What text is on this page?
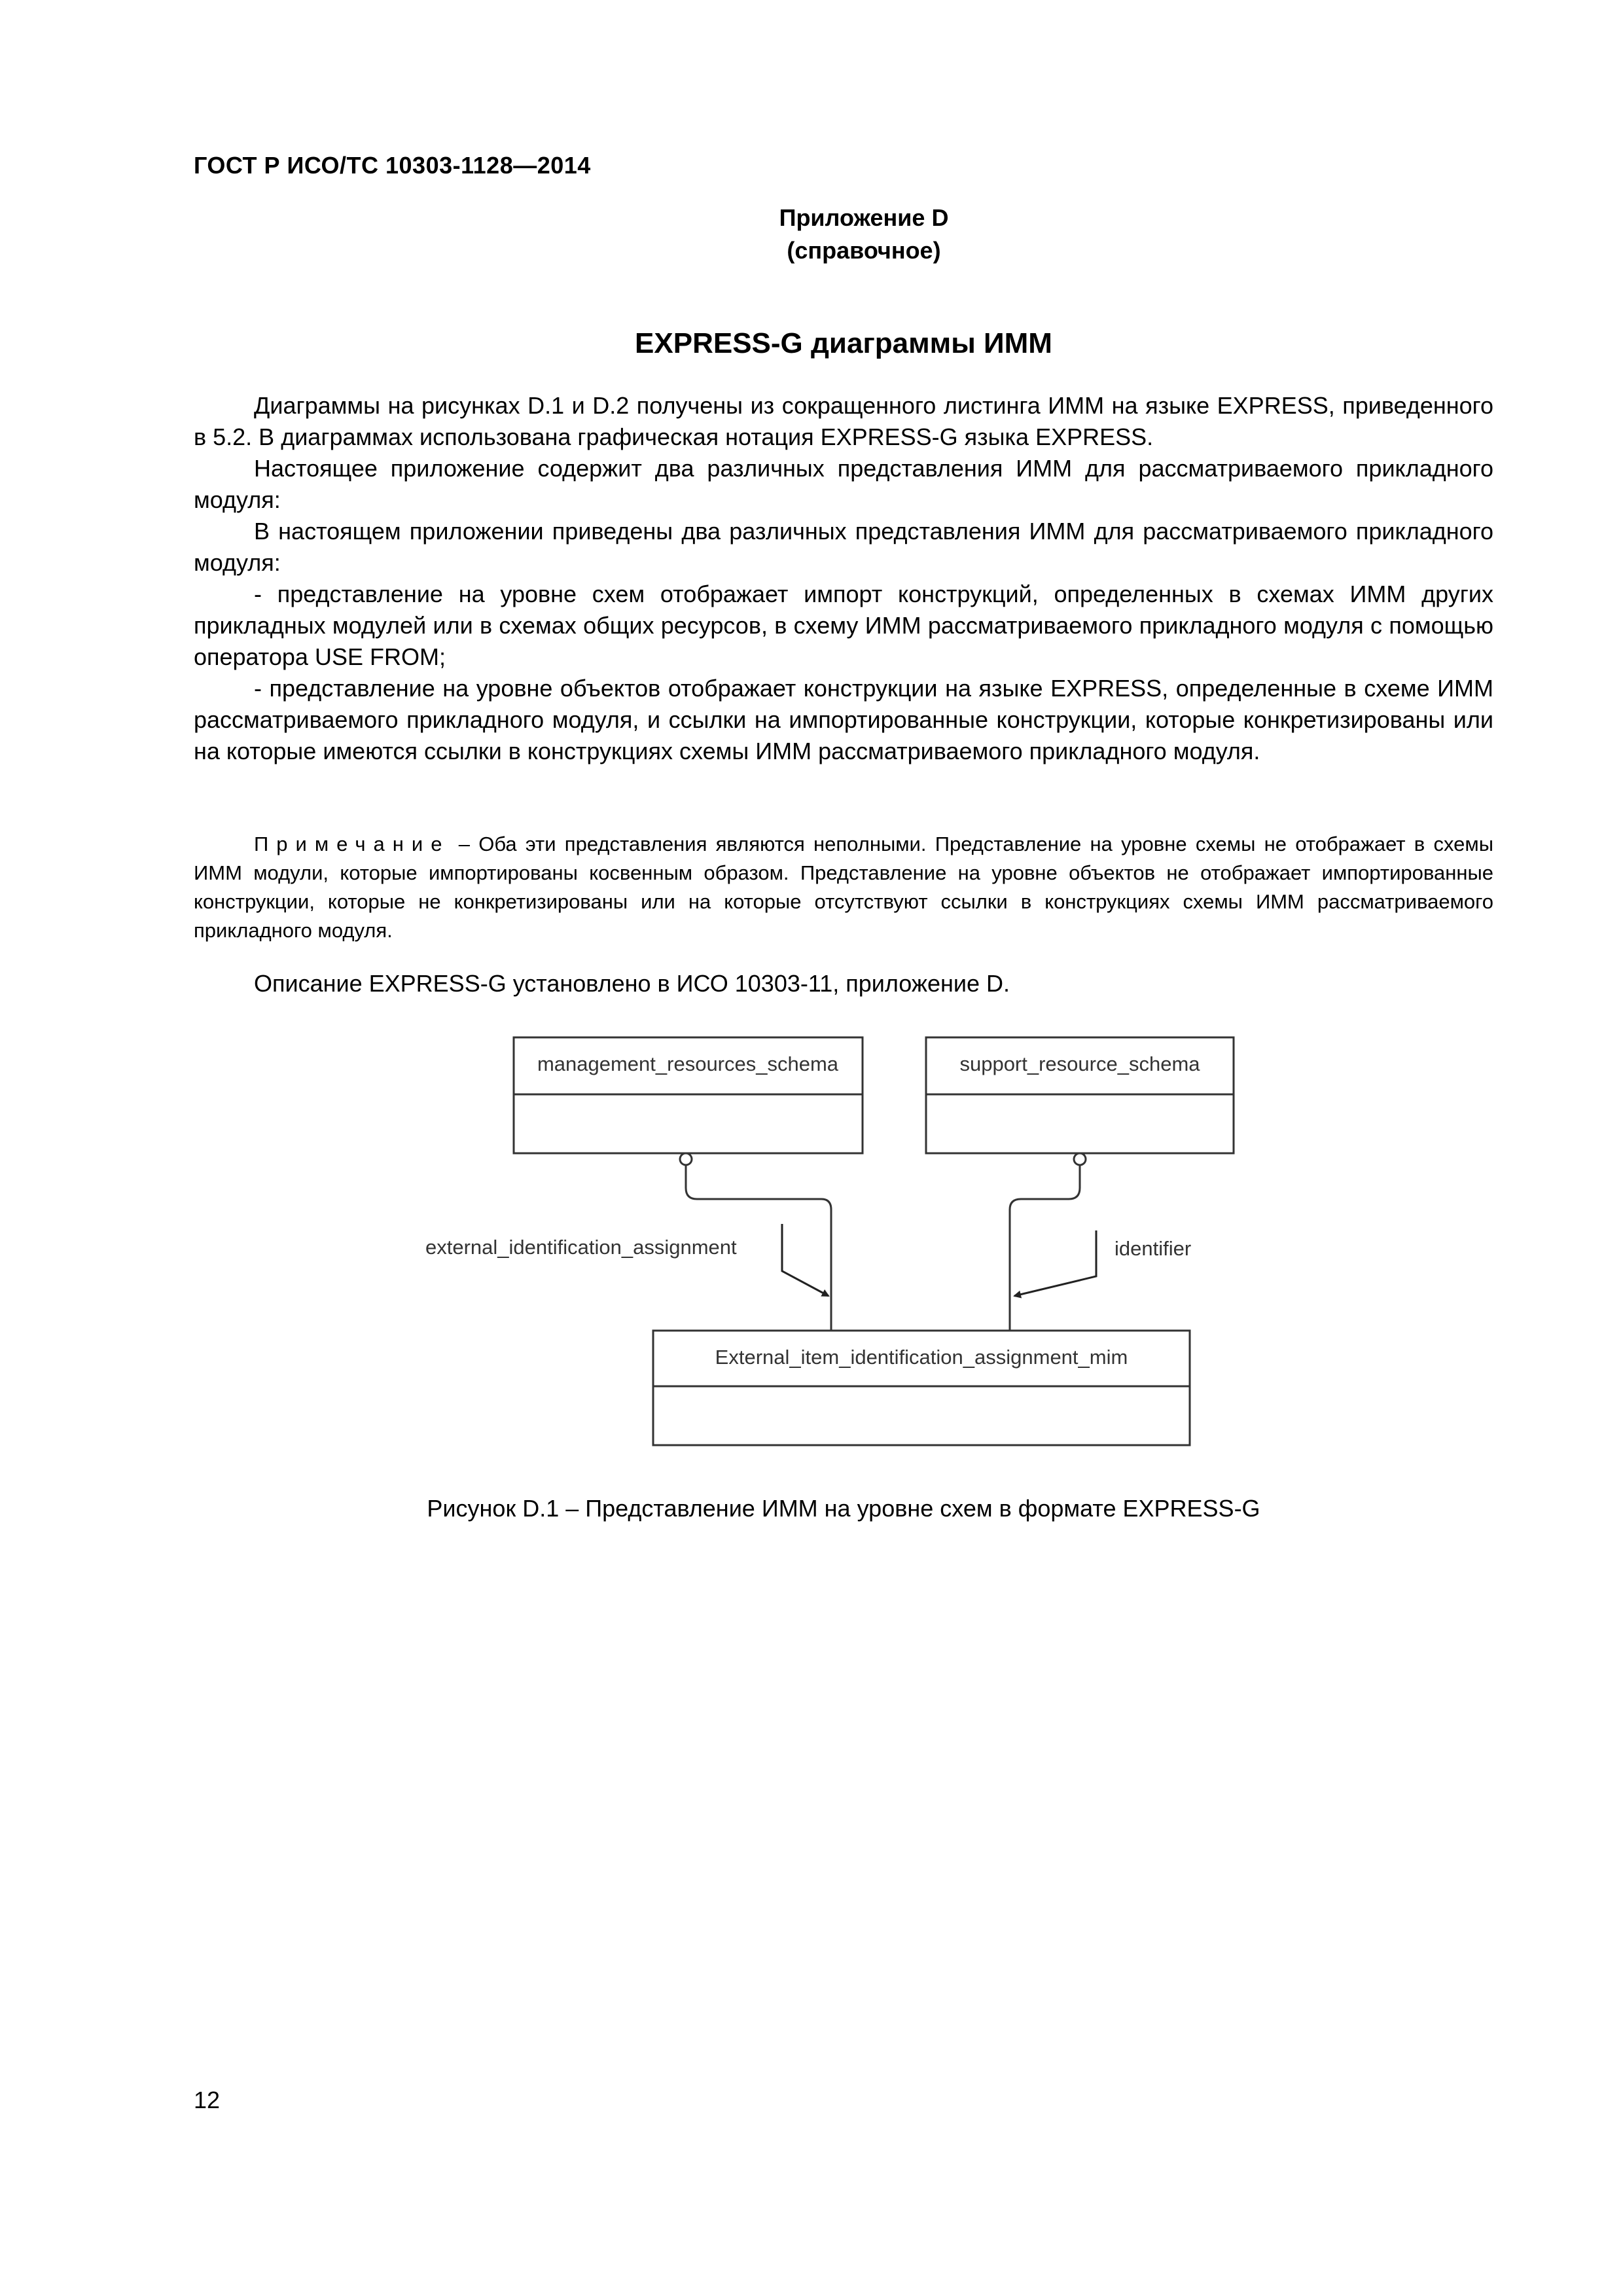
ГОСТ Р ИСО/ТС 10303-1128—2014
Приложение D
(справочное)
EXPRESS-G диаграммы ИММ

Диаграммы на рисунках D.1 и D.2 получены из сокращенного листинга ИММ на языке EXPRESS, приведенного в 5.2. В диаграммах использована графическая нотация EXPRESS-G языка EXPRESS.

Настоящее приложение содержит два различных представления ИММ для рассматриваемого прикладного модуля:

В настоящем приложении приведены два различных представления ИММ для рассматриваемого прикладного модуля:

- представление на уровне схем отображает импорт конструкций, определенных в схемах ИММ других прикладных модулей или в схемах общих ресурсов, в схему ИММ рассматриваемого прикладного модуля с помощью оператора USE FROM;

- представление на уровне объектов отображает конструкции на языке EXPRESS, определенные в схеме ИММ рассматриваемого прикладного модуля, и ссылки на импортированные конструкции, которые конкретизированы или на которые имеются ссылки в конструкциях схемы ИММ рассматриваемого прикладного модуля.

Примечание – Оба эти представления являются неполными. Представление на уровне схемы не отображает в схемы ИММ модули, которые импортированы косвенным образом. Представление на уровне объектов не отображает импортированные конструкции, которые не конкретизированы или на которые отсутствуют ссылки в конструкциях схемы ИММ рассматриваемого прикладного модуля.
Описание EXPRESS-G установлено в ИСО 10303-11, приложение D.
management_resources_schema	support_resource_schema
External_item_identification_assignment_mim
external_identification_assignment	identifier
Рисунок D.1 – Представление ИММ на уровне схем в формате EXPRESS-G
12
